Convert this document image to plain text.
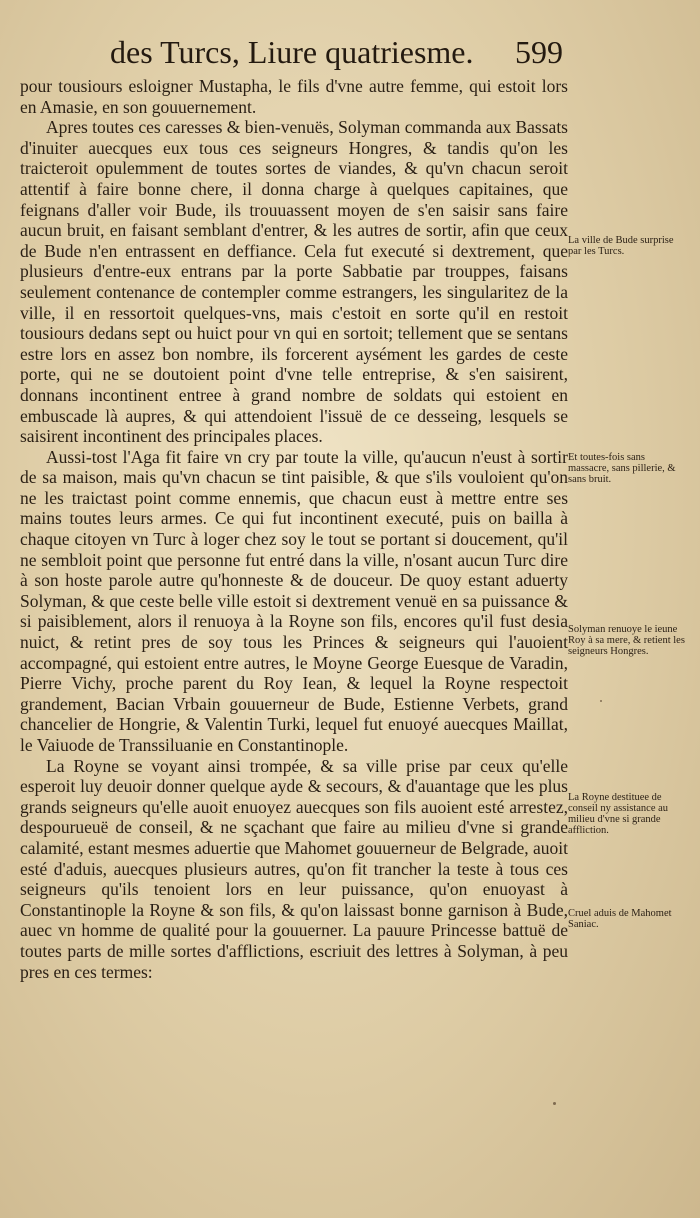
des Turcs, Liure quatriesme. 599

pour tousiours esloigner Mustapha, le fils d'vne autre femme, qui estoit lors en Amasie, en son gouuernement.

Apres toutes ces caresses & bien-venuës, Solyman commanda aux Bassats d'inuiter auecques eux tous ces seigneurs Hongres, & tandis qu'on les traicteroit opulemment de toutes sortes de viandes, & qu'vn chacun seroit attentif à faire bonne chere, il donna charge à quelques capitaines, que feignans d'aller voir Bude, ils trouuassent moyen de s'en saisir sans faire aucun bruit, en faisant semblant d'entrer, & les autres de sortir, afin que ceux de Bude n'en entrassent en deffiance. Cela fut executé si dextrement, que plusieurs d'entre-eux entrans par la porte Sabbatie par trouppes, faisans seulement contenance de contempler comme estrangers, les singularitez de la ville, il en ressortoit quelques-vns, mais c'estoit en sorte qu'il en restoit tousiours dedans sept ou huict pour vn qui en sortoit; tellement que se sentans estre lors en assez bon nombre, ils forcerent aysément les gardes de ceste porte, qui ne se doutoient point d'vne telle entreprise, & s'en saisirent, donnans incontinent entree à grand nombre de soldats qui estoient en embuscade là aupres, & qui attendoient l'issuë de ce desseing, lesquels se saisirent incontinent des principales places.

Aussi-tost l'Aga fit faire vn cry par toute la ville, qu'aucun n'eust à sortir de sa maison, mais qu'vn chacun se tint paisible, & que s'ils vouloient qu'on ne les traictast point comme ennemis, que chacun eust à mettre entre ses mains toutes leurs armes. Ce qui fut incontinent executé, puis on bailla à chaque citoyen vn Turc à loger chez soy le tout se portant si doucement, qu'il ne sembloit point que personne fut entré dans la ville, n'osant aucun Turc dire à son hoste parole autre qu'honneste & de douceur. De quoy estant aduerty Solyman, & que ceste belle ville estoit si dextrement venuë en sa puissance & si paisiblement, alors il renuoya à la Royne son fils, encores qu'il fust desia nuict, & retint pres de soy tous les Princes & seigneurs qui l'auoient accompagné, qui estoient entre autres, le Moyne George Euesque de Varadin, Pierre Vichy, proche parent du Roy Iean, & lequel la Royne respectoit grandement, Bacian Vrbain gouuerneur de Bude, Estienne Verbets, grand chancelier de Hongrie, & Valentin Turki, lequel fut enuoyé auecques Maillat, le Vaiuode de Transsiluanie en Constantinople.

La Royne se voyant ainsi trompée, & sa ville prise par ceux qu'elle esperoit luy deuoir donner quelque ayde & secours, & d'auantage que les plus grands seigneurs qu'elle auoit enuoyez auecques son fils auoient esté arrestez, despourueuë de conseil, & ne sçachant que faire au milieu d'vne si grande calamité, estant mesmes aduertie que Mahomet gouuerneur de Belgrade, auoit esté d'aduis, auecques plusieurs autres, qu'on fit trancher la teste à tous ces seigneurs qu'ils tenoient lors en leur puissance, qu'on enuoyast à Constantinople la Royne & son fils, & qu'on laissast bonne garnison à Bude, auec vn homme de qualité pour la gouuerner. La pauure Princesse battuë de toutes parts de mille sortes d'afflictions, escriuit des lettres à Solyman, à peu pres en ces termes:

La ville de Bude surprise par les Turcs.
Et toutes-fois sans massacre, sans pillerie, & sans bruit.
Solyman renuoye le ieune Roy à sa mere, & retient les seigneurs Hongres.
La Royne destituee de conseil ny assistance au milieu d'vne si grande affliction.
Cruel aduis de Mahomet Saniac.
